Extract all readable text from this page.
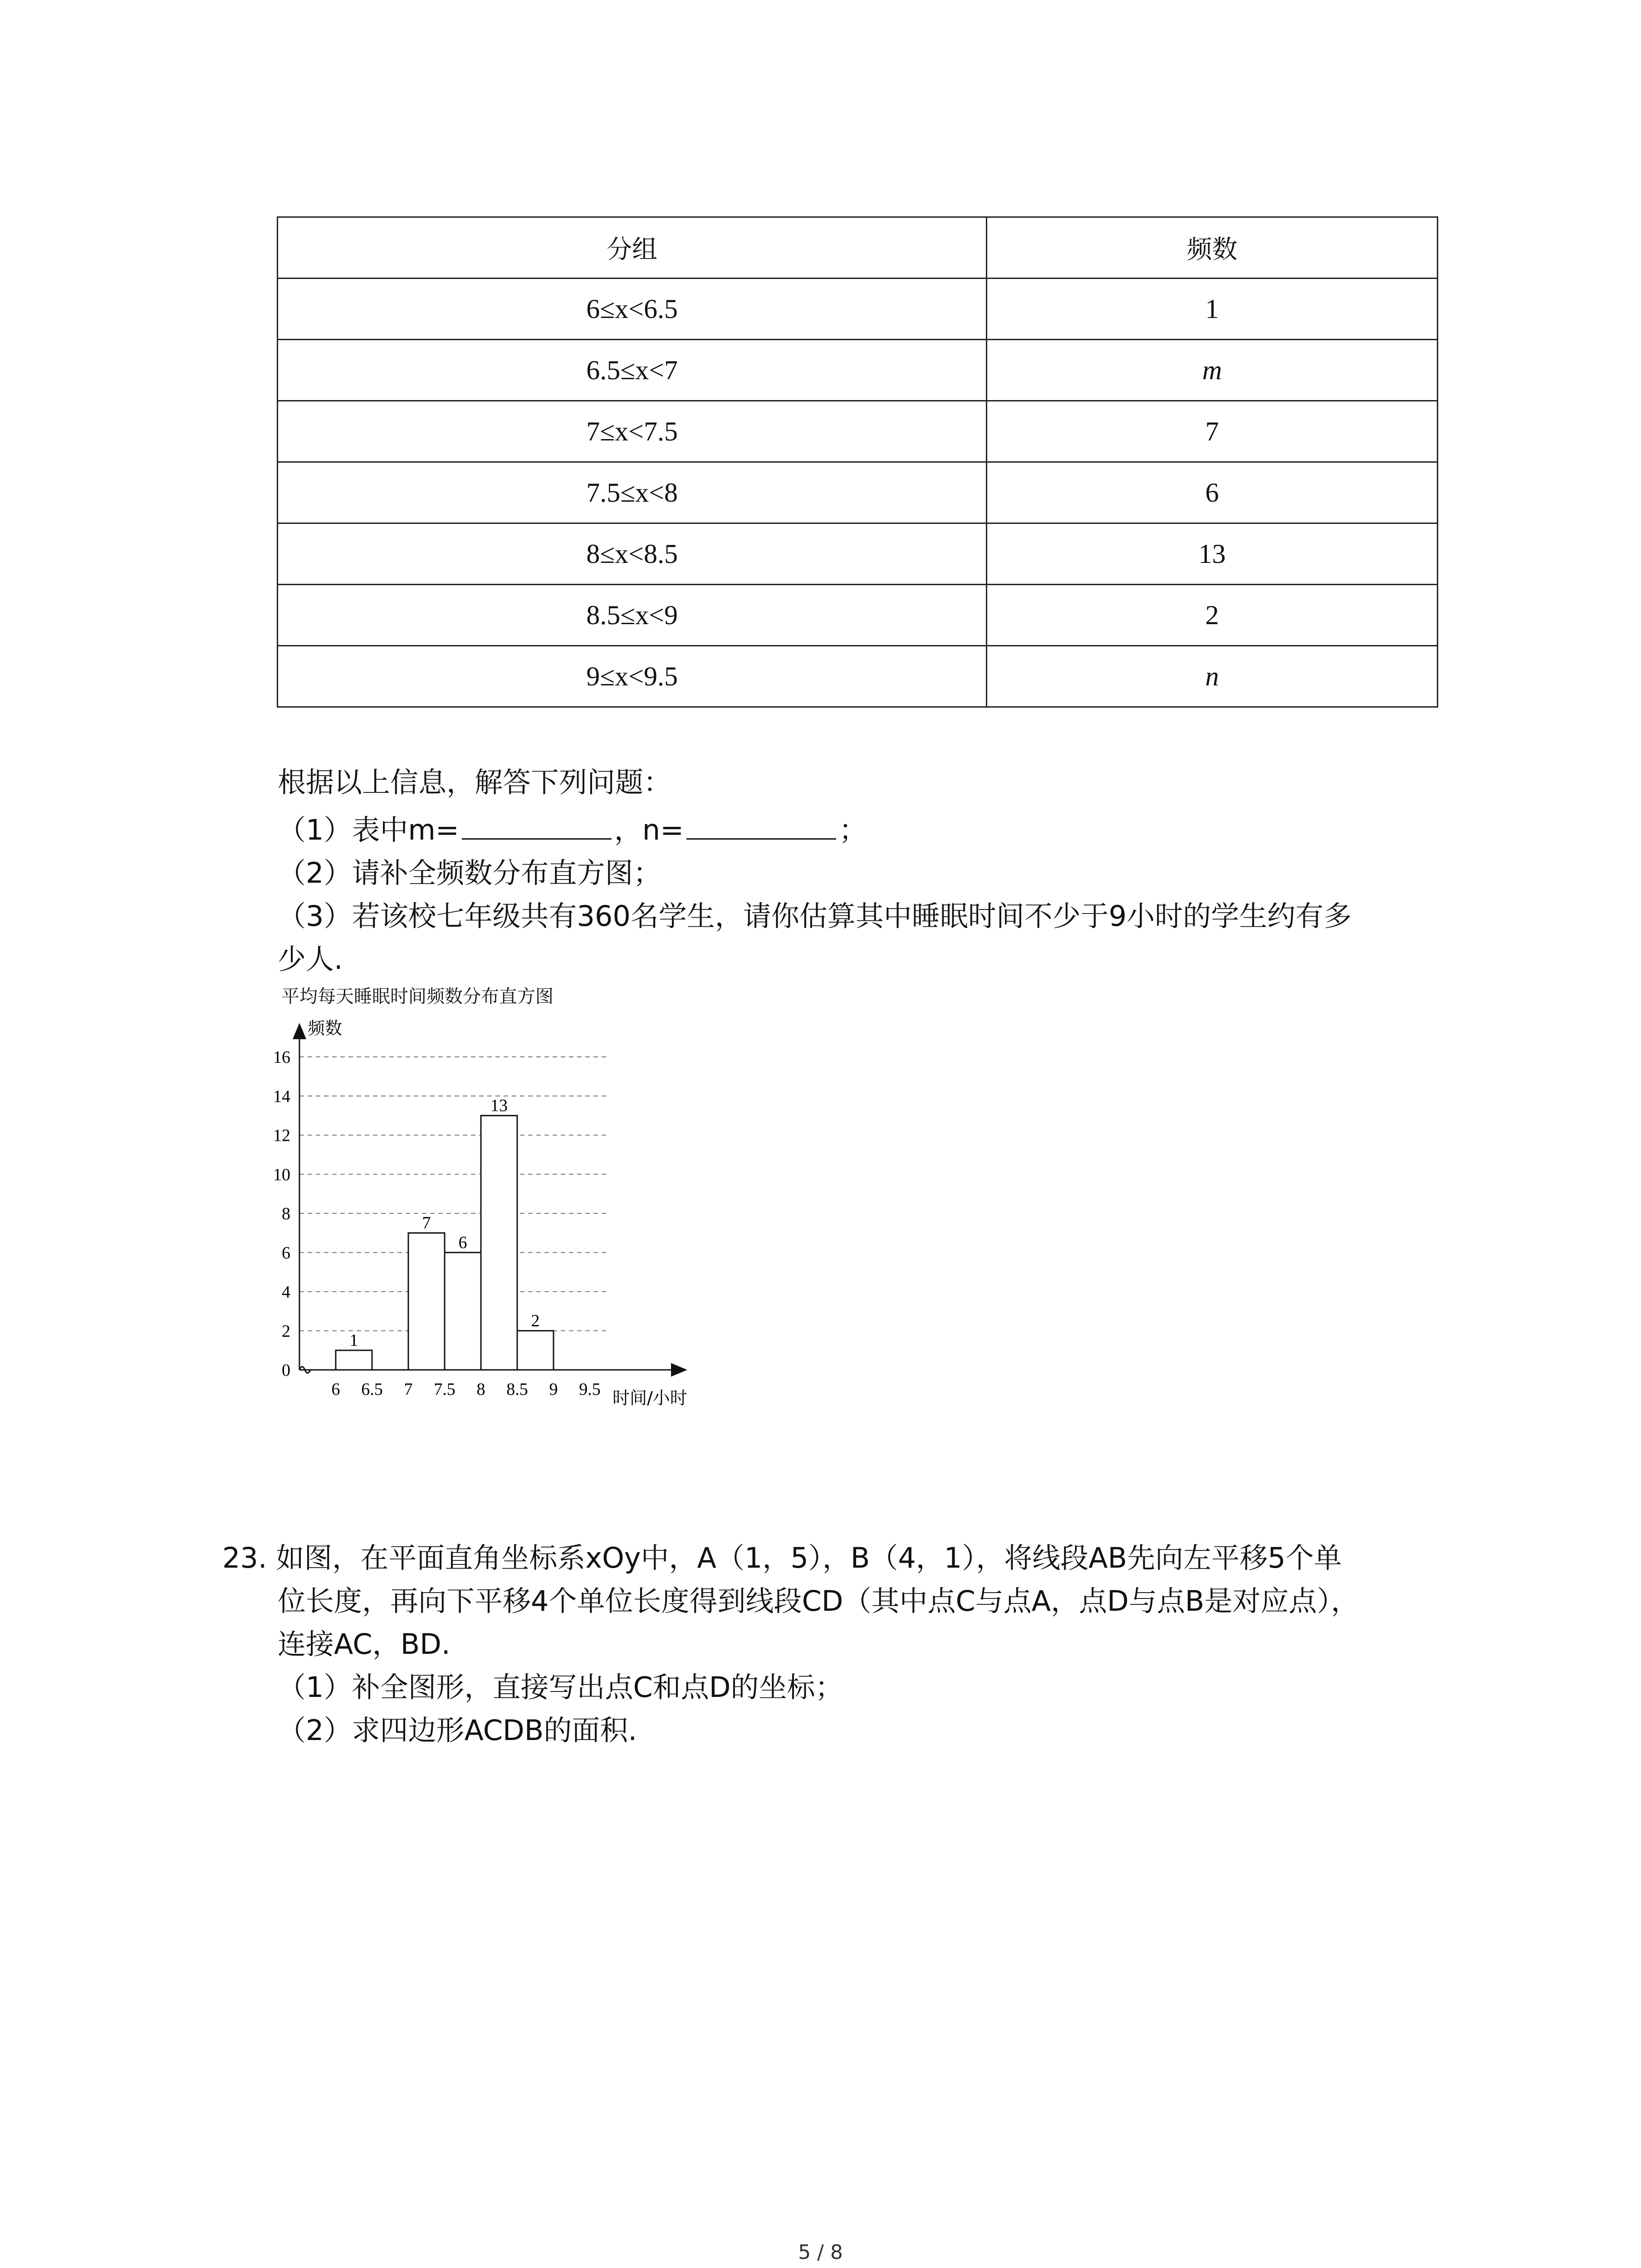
分组	频数
6≤x<6.5	1
6.5≤x<7	m
7≤x<7.5	7
7.5≤x<8	6
8≤x<8.5	13
8.5≤x<9	2
9≤x<9.5	n
根据以上信息，解答下列问题：
（1）表中m=	，n=	；
（2）请补全频数分布直方图；
（3）若该校七年级共有360名学生，请你估算其中睡眠时间不少于9小时的学生约有多
少人.
平均每天睡眠时间频数分布直方图
频数
时间/小时
0
2
4
6
8
10
12
14
16
6 6.5 7 7.5 8 8.5 9 9.5
1
7
6
13
2
23. 如图，在平面直角坐标系xOy中，A（1，5），B（4，1），将线段AB先向左平移5个单
位长度，再向下平移4个单位长度得到线段CD（其中点C与点A，点D与点B是对应点），
连接AC，BD.
（1）补全图形，直接写出点C和点D的坐标；
（2）求四边形ACDB的面积.
5 / 8
